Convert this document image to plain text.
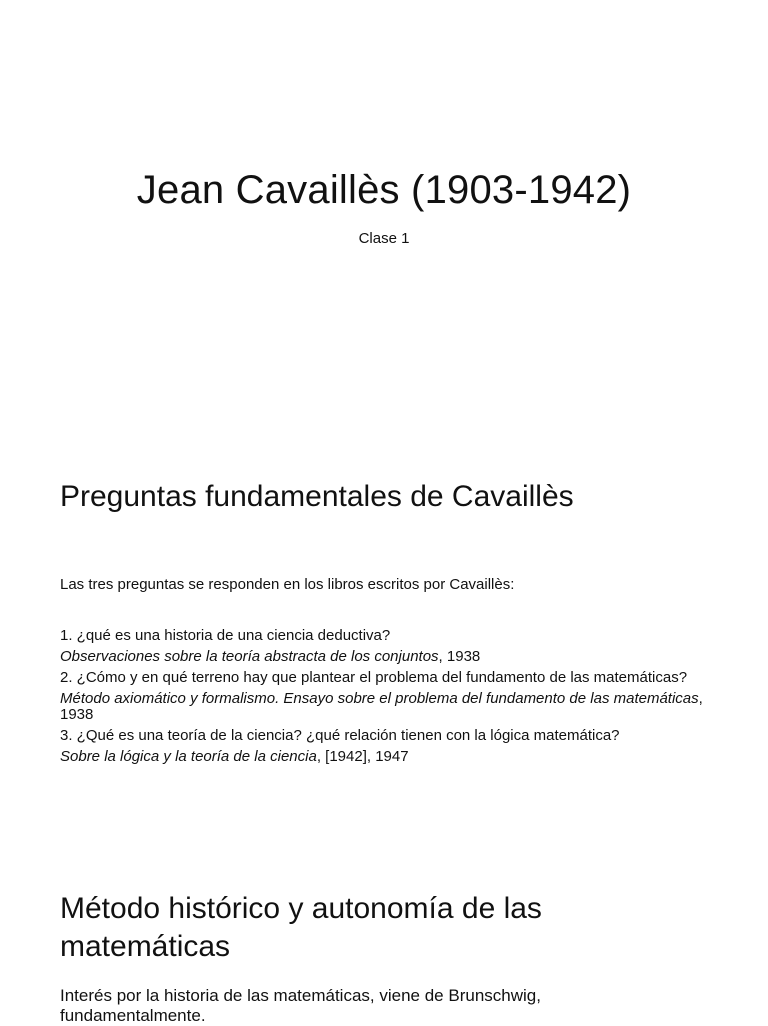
Jean Cavaillès (1903-1942)
Clase 1
Preguntas fundamentales de Cavaillès
Las tres preguntas se responden en los libros escritos por Cavaillès:

1. ¿qué es una historia de una ciencia deductiva?

Observaciones sobre la teoría abstracta de los conjuntos, 1938

2. ¿Cómo y en qué terreno hay que plantear el problema del fundamento de las matemáticas?

Método axiomático y formalismo. Ensayo sobre el problema del fundamento de las matemáticas, 1938

3. ¿Qué es una teoría de la ciencia? ¿qué relación tienen con la lógica matemática?

Sobre la lógica y la teoría de la ciencia, [1942], 1947

Método histórico y autonomía de las matemáticas
Interés por la historia de las matemáticas, viene de Brunschwig, fundamentalmente.
